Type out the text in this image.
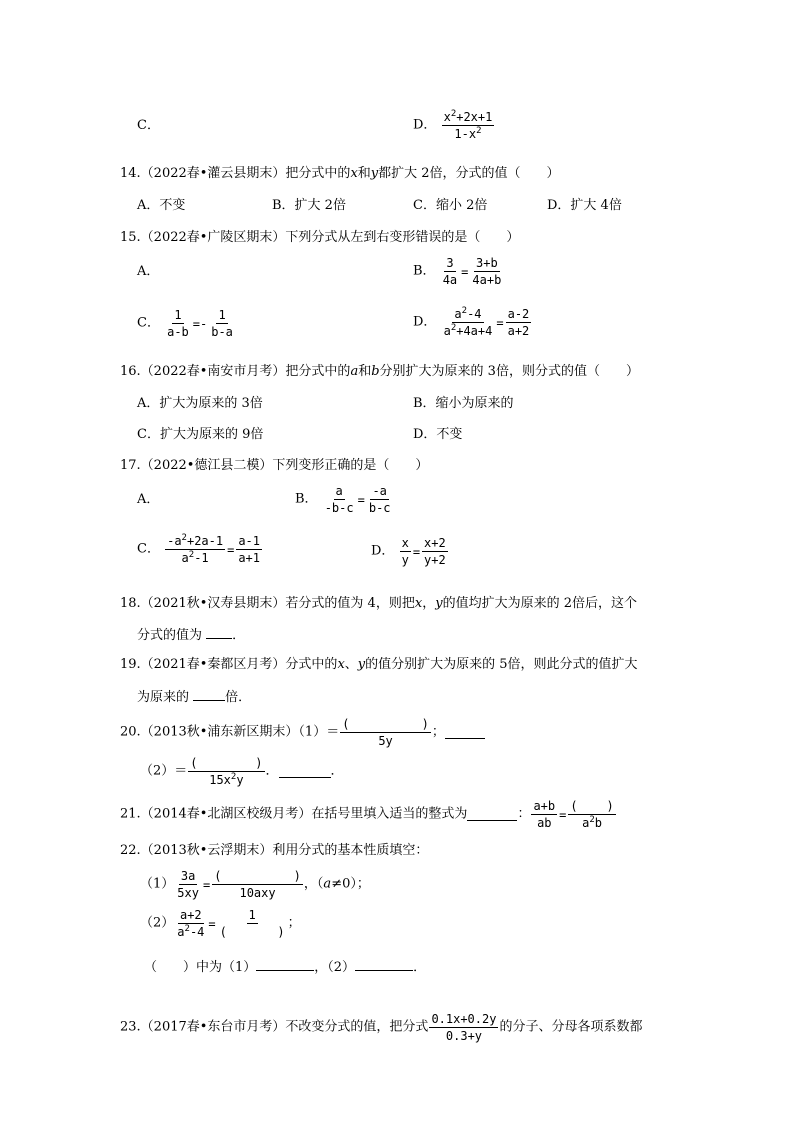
C．	D． $\frac{x^2+2x+1}{1-x^2}$
14.（2022春•灌云县期末）把分式中的x和y都扩大 2倍，分式的值（　　）
A．不变	B．扩大 2倍	C．缩小 2倍	D．扩大 4倍
15.（2022春•广陵区期末）下列分式从左到右变形错误的是（　　）
A．	B． $\frac{3}{4a} = \frac{3+b}{4a+b}$
C． $\frac{1}{a-b} =- \frac{1}{b-a}$	D． $\frac{a^2-4}{a^2+4a+4} = \frac{a-2}{a+2}$
16.（2022春•南安市月考）把分式中的a和b分别扩大为原来的 3倍，则分式的值（　　）
A．扩大为原来的 3倍	B．缩小为原来的
C．扩大为原来的 9倍	D．不变
17.（2022•德江县二模）下列变形正确的是（　　）
A．	B． $\frac{a}{-b-c} = \frac{-a}{b-c}$
C． $\frac{-a^2+2a-1}{a^2-1} = \frac{a-1}{a+1}$	D． $\frac{x}{y} = \frac{x+2}{y+2}$
18.（2021秋•汉寿县期末）若分式的值为 4，则把x，y的值均扩大为原来的 2倍后，这个
分式的值为 ．
19.（2021春•秦都区月考）分式中的x、y的值分别扩大为原来的 5倍，则此分式的值扩大
为原来的 倍．
20.（2013秋•浦东新区期末）（1）＝
(          )
5y
；
（2）＝
(        )
$15x^2y$
．	．
21.（2014春•北湖区校级月考）在括号里填入适当的整式为	： $\frac{a+b}{ab}$ =
(    )
$a^2b$
22.（2013秋•云浮期末）利用分式的基本性质填空：
$(1) \frac{3a}{5xy}$ =
(          )
10axy
，（a≠0）；
$(2) \frac{a+2}{a^2-4}$ =
1
(       )
；
（　　）中为（1）	，（2）	．
23.（2017春•东台市月考）不改变分式的值，把分式 $\frac{0.1x+0.2y}{0.3+y}$ 的分子、分母各项系数都
